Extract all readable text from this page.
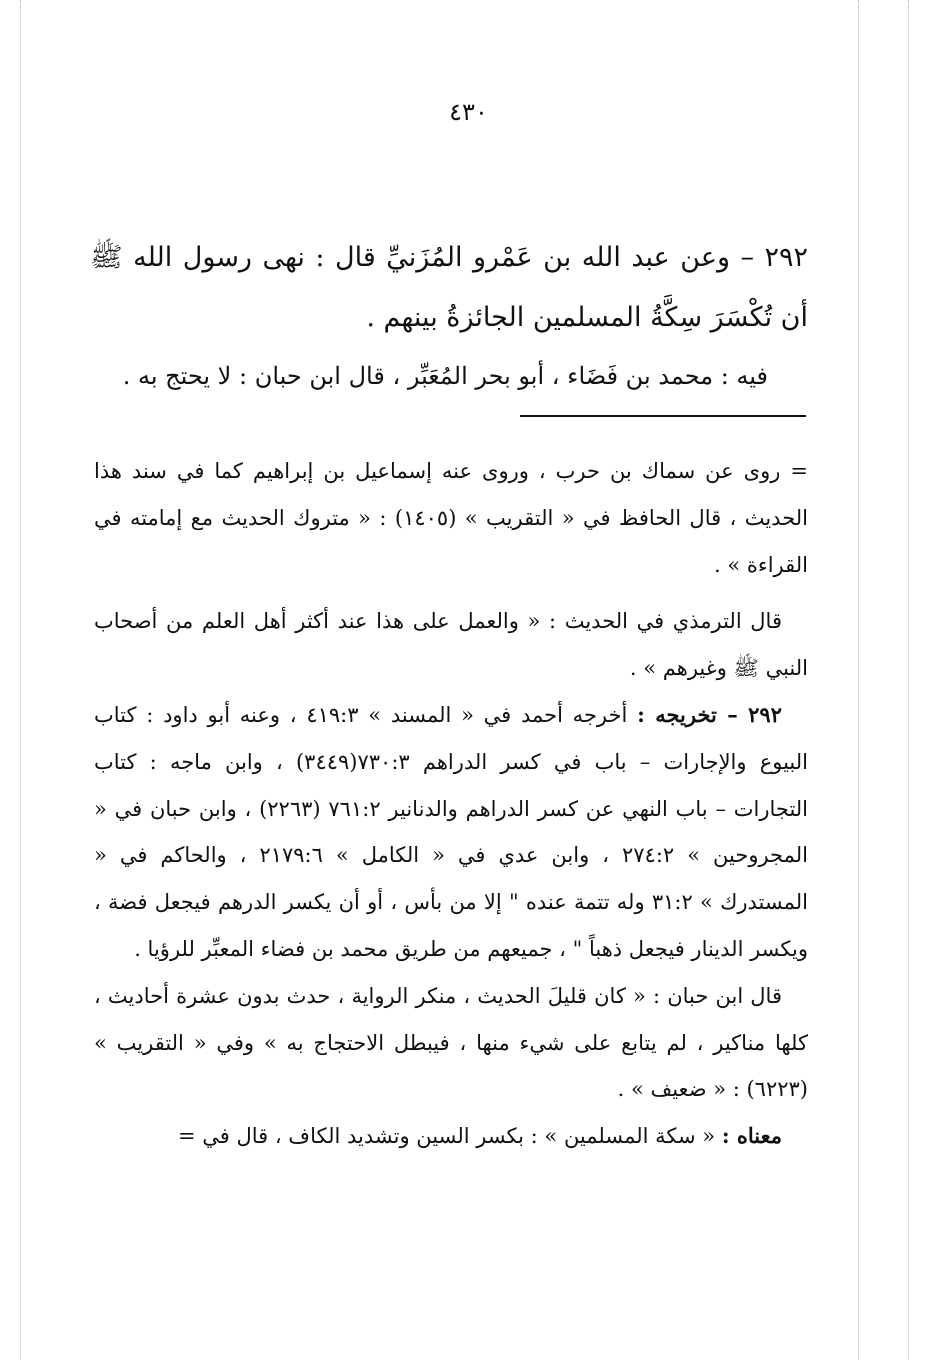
٤٣٠

٢٩٢ – وعن عبد الله بن عَمْرو المُزَنيِّ قال : نهى رسول الله ﷺ أن تُكْسَرَ سِكَّةُ المسلمين الجائزةُ بينهم .

فيه : محمد بن فَضَاء ، أبو بحر المُعَبِّر ، قال ابن حبان : لا يحتج به .

= روى عن سماك بن حرب ، وروى عنه إسماعيل بن إبراهيم كما في سند هذا الحديث ، قال الحافظ في « التقريب » (١٤٠٥) : « متروك الحديث مع إمامته في القراءة » .

قال الترمذي في الحديث : « والعمل على هذا عند أكثر أهل العلم من أصحاب النبي ﷺ وغيرهم » .

٢٩٢ – تخريجه : أخرجه أحمد في « المسند » ٤١٩:٣ ، وعنه أبو داود : كتاب البيوع والإجارات – باب في كسر الدراهم ٧٣٠:٣(٣٤٤٩) ، وابن ماجه : كتاب التجارات – باب النهي عن كسر الدراهم والدنانير ٧٦١:٢ (٢٢٦٣) ، وابن حبان في « المجروحين » ٢٧٤:٢ ، وابن عدي في « الكامل » ٢١٧٩:٦ ، والحاكم في « المستدرك » ٣١:٢ وله تتمة عنده " إلا من بأس ، أو أن يكسر الدرهم فيجعل فضة ، ويكسر الدينار فيجعل ذهباً " ، جميعهم من طريق محمد بن فضاء المعبِّر للرؤيا .

قال ابن حبان : « كان قليلَ الحديث ، منكر الرواية ، حدث بدون عشرة أحاديث ، كلها مناكير ، لم يتابع على شيء منها ، فيبطل الاحتجاج به » وفي « التقريب » (٦٢٢٣) : « ضعيف » .

معناه : « سكة المسلمين » : بكسر السين وتشديد الكاف ، قال في =
